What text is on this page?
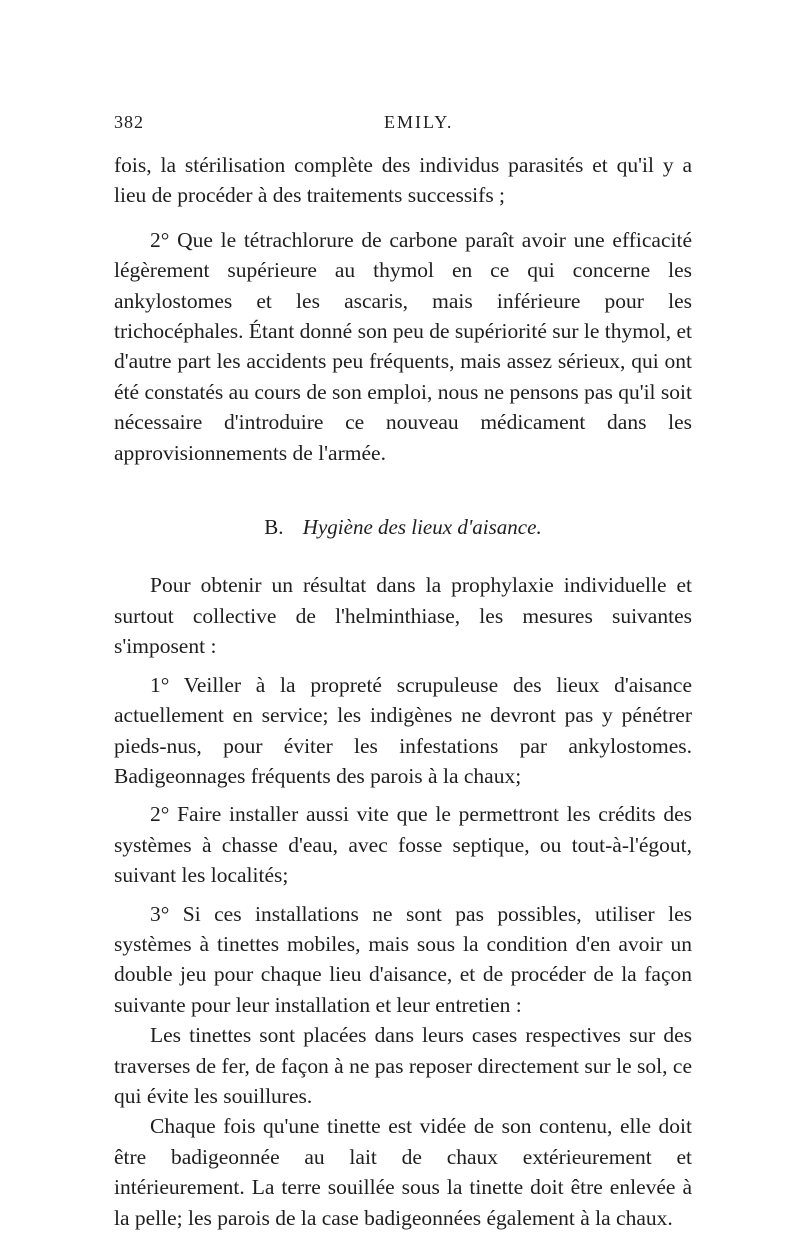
382	EMILY.

fois, la stérilisation complète des individus parasités et qu'il y a lieu de procéder à des traitements successifs ;

2° Que le tétrachlorure de carbone paraît avoir une efficacité légèrement supérieure au thymol en ce qui concerne les ankylostomes et les ascaris, mais inférieure pour les trichocéphales. Étant donné son peu de supériorité sur le thymol, et d'autre part les accidents peu fréquents, mais assez sérieux, qui ont été constatés au cours de son emploi, nous ne pensons pas qu'il soit nécessaire d'introduire ce nouveau médicament dans les approvisionnements de l'armée.

B. Hygiène des lieux d'aisance.

Pour obtenir un résultat dans la prophylaxie individuelle et surtout collective de l'helminthiase, les mesures suivantes s'imposent :

1° Veiller à la propreté scrupuleuse des lieux d'aisance actuellement en service; les indigènes ne devront pas y pénétrer pieds-nus, pour éviter les infestations par ankylostomes. Badigeonnages fréquents des parois à la chaux;

2° Faire installer aussi vite que le permettront les crédits des systèmes à chasse d'eau, avec fosse septique, ou tout-à-l'égout, suivant les localités;

3° Si ces installations ne sont pas possibles, utiliser les systèmes à tinettes mobiles, mais sous la condition d'en avoir un double jeu pour chaque lieu d'aisance, et de procéder de la façon suivante pour leur installation et leur entretien :

Les tinettes sont placées dans leurs cases respectives sur des traverses de fer, de façon à ne pas reposer directement sur le sol, ce qui évite les souillures.

Chaque fois qu'une tinette est vidée de son contenu, elle doit être badigeonnée au lait de chaux extérieurement et intérieurement. La terre souillée sous la tinette doit être enlevée à la pelle; les parois de la case badigeonnées également à la chaux.
